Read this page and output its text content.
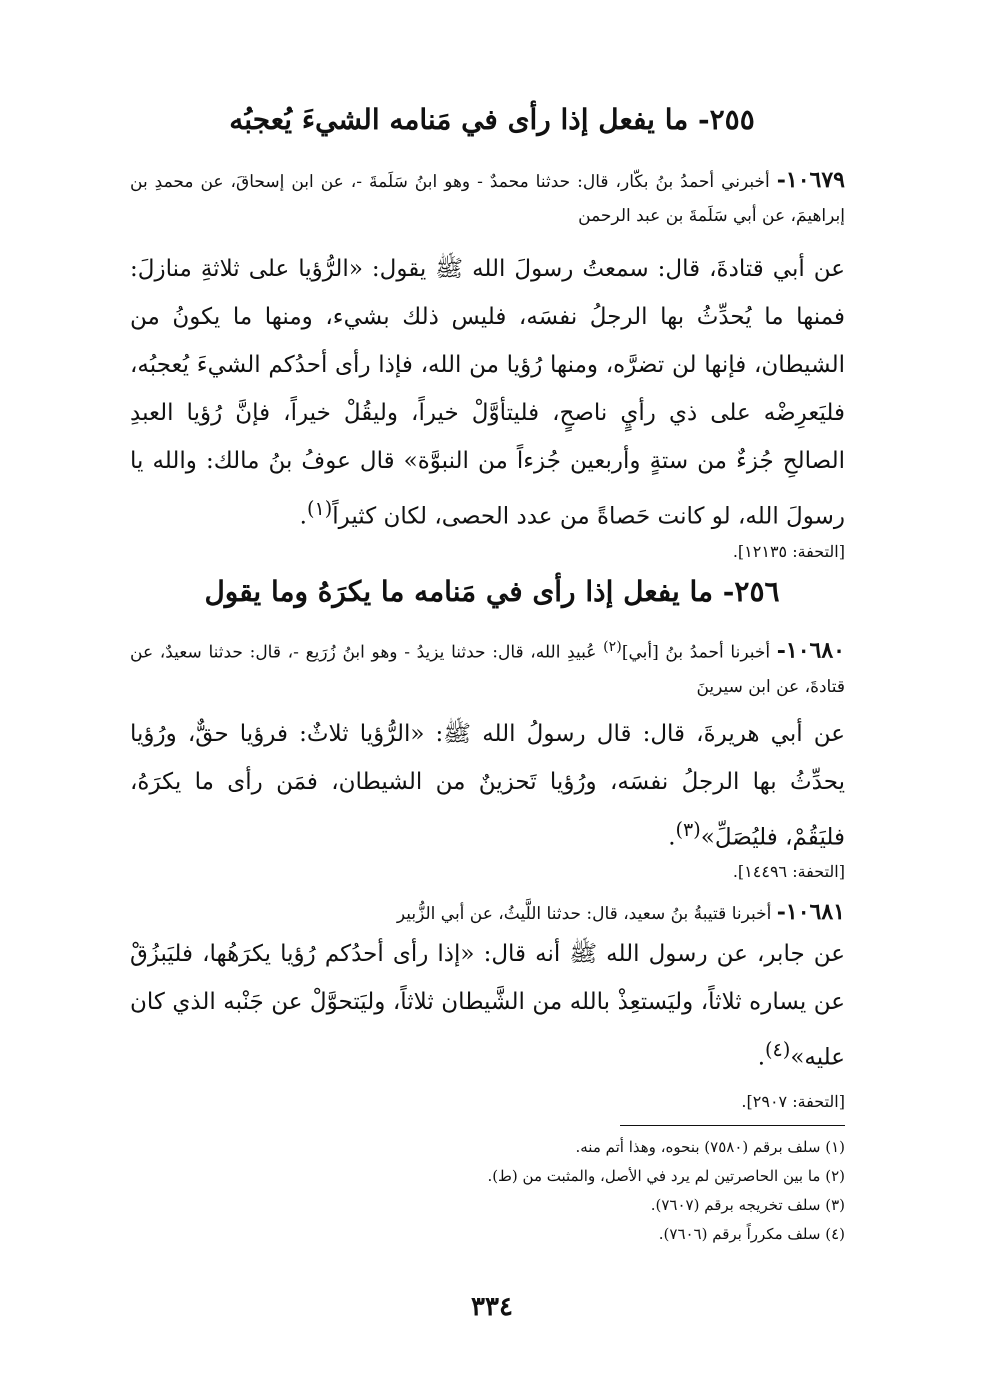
٢٥٥- ما يفعل إذا رأى في مَنامه الشيءَ يُعجبُه
١٠٦٧٩- أخبرني أحمدُ بنُ بكّار، قال: حدثنا محمدٌ - وهو ابنُ سَلَمةَ -، عن ابن إسحاقَ، عن محمدِ بن إبراهيمَ، عن أبي سَلَمةَ بن عبد الرحمن
عن أبي قتادةَ، قال: سمعتُ رسولَ الله ﷺ يقول: «الرُّؤيا على ثلاثةِ منازلَ: فمنها ما يُحدِّثُ بها الرجلُ نفسَه، فليس ذلك بشيء، ومنها ما يكونُ من الشيطان، فإنها لن تضرَّه، ومنها رُؤيا من الله، فإذا رأى أحدُكم الشيءَ يُعجبُه، فليَعرِضْه على ذي رأيٍ ناصحٍ، فليتأوَّلْ خيراً، وليقُلْ خيراً، فإنَّ رُؤيا العبدِ الصالحِ جُزءٌ من ستةٍ وأربعين جُزءاً من النبوَّة» قال عوفُ بنُ مالك: والله يا رسولَ الله، لو كانت حَصاةً من عدد الحصى، لكان كثيراً$^{(١)}$.
[التحفة: ١٢١٣٥].
٢٥٦- ما يفعل إذا رأى في مَنامه ما يكرَهُ وما يقول
١٠٦٨٠- أخبرنا أحمدُ بنُ [أبي]$^{(٢)}$ عُبيدِ الله، قال: حدثنا يزيدُ - وهو ابنُ زُرَيع -، قال: حدثنا سعيدٌ، عن قتادةَ، عن ابن سيرينَ
عن أبي هريرةَ، قال: قال رسولُ الله ﷺ: «الرُّؤيا ثلاثٌ: فرؤيا حقٌّ، ورُؤيا يحدِّثُ بها الرجلُ نفسَه، ورُؤيا تَحزينٌ من الشيطان، فمَن رأى ما يكرَهُ، فليَقُمْ، فليُصَلِّ»$^{(٣)}$.
[التحفة: ١٤٤٩٦].
١٠٦٨١- أخبرنا قتيبةُ بنُ سعيد، قال: حدثنا اللَّيثُ، عن أبي الزُّبير
عن جابر، عن رسول الله ﷺ أنه قال: «إذا رأى أحدُكم رُؤيا يكرَهُها، فليَبزُقْ عن يساره ثلاثاً، وليَستعِذْ بالله من الشَّيطان ثلاثاً، وليَتحوَّلْ عن جَنْبه الذي كان عليه»$^{(٤)}$.
[التحفة: ٢٩٠٧].
(١) سلف برقم (٧٥٨٠) بنحوه، وهذا أتم منه.
(٢) ما بين الحاصرتين لم يرد في الأصل، والمثبت من (ط).
(٣) سلف تخريجه برقم (٧٦٠٧).
(٤) سلف مكرراً برقم (٧٦٠٦).
٣٣٤
